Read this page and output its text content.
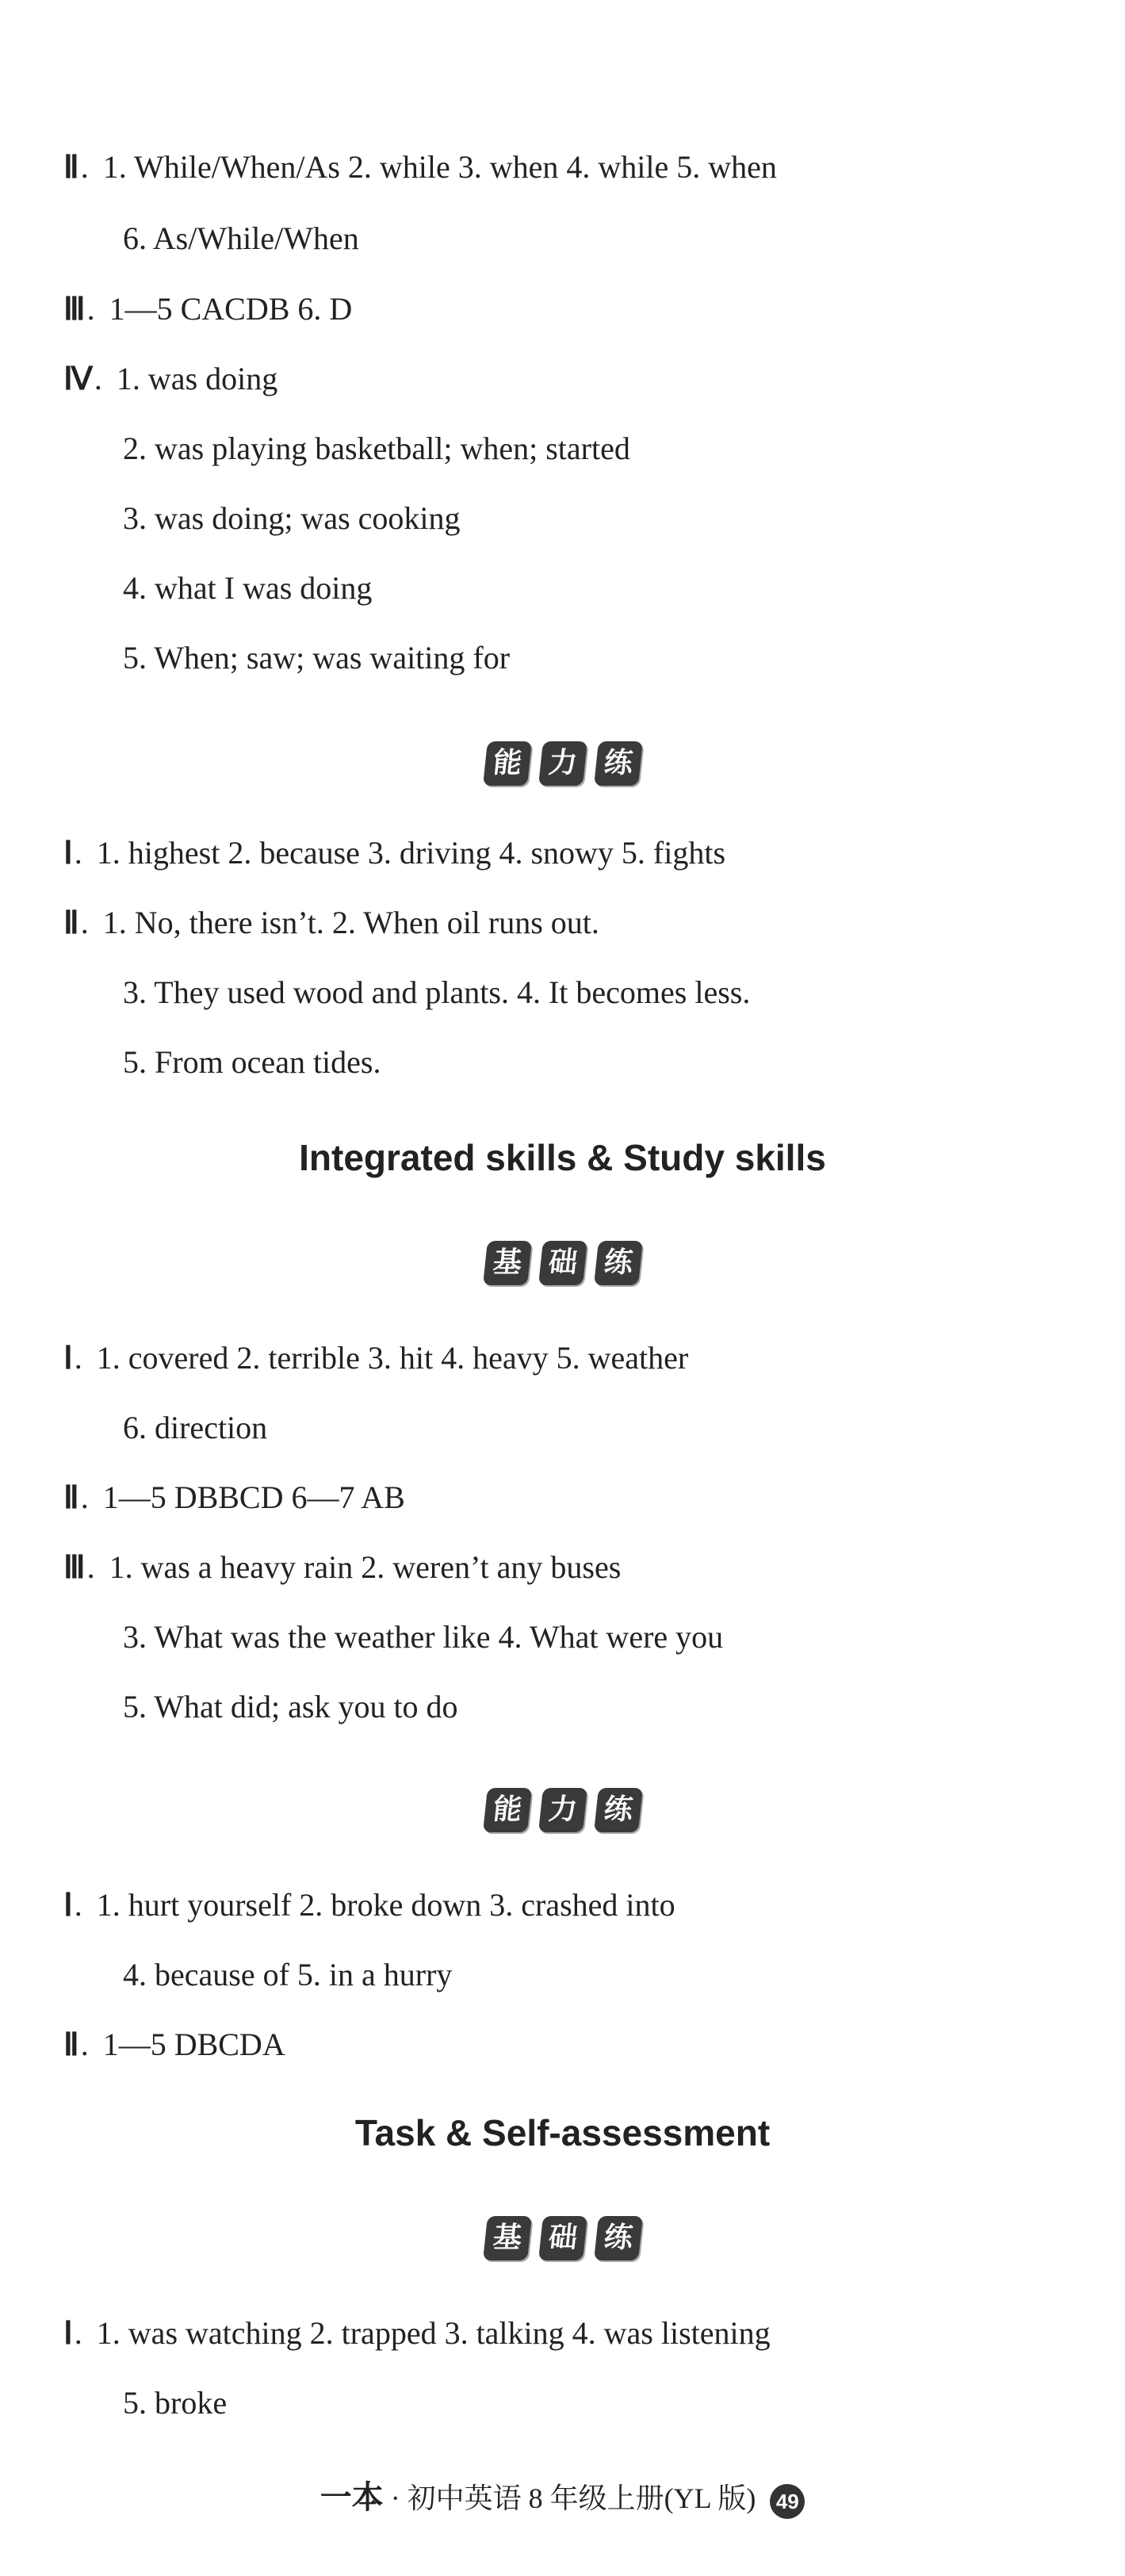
Ⅱ . 1. While/When/As 2. while 3. when 4. while 5. when
6. As/While/When
Ⅲ . 1—5 CACDB 6. D
Ⅳ . 1. was doing
2. was playing basketball; when; started
3. was doing; was cooking
4. what I was doing
5. When; saw; was waiting for
Ⅰ . 1. highest 2. because 3. driving 4. snowy 5. fights
Ⅱ . 1. No, there isn’t. 2. When oil runs out.
3. They used wood and plants. 4. It becomes less.
5. From ocean tides.
Ⅰ . 1. covered 2. terrible 3. hit 4. heavy 5. weather
6. direction
Ⅱ . 1—5 DBBCD 6—7 AB
Ⅲ . 1. was a heavy rain 2. weren’t any buses
3. What was the weather like 4. What were you
5. What did; ask you to do
Ⅰ . 1. hurt yourself 2. broke down 3. crashed into
4. because of 5. in a hurry
Ⅱ . 1—5 DBCDA
Ⅰ . 1. was watching 2. trapped 3. talking 4. was listening
5. broke
Integrated skills & Study skills
Task & Self-assessment
能 力 练
基 础 练
能 力 练
基 础 练
一本 · 初中英语 8 年级上册(YL 版) 49
